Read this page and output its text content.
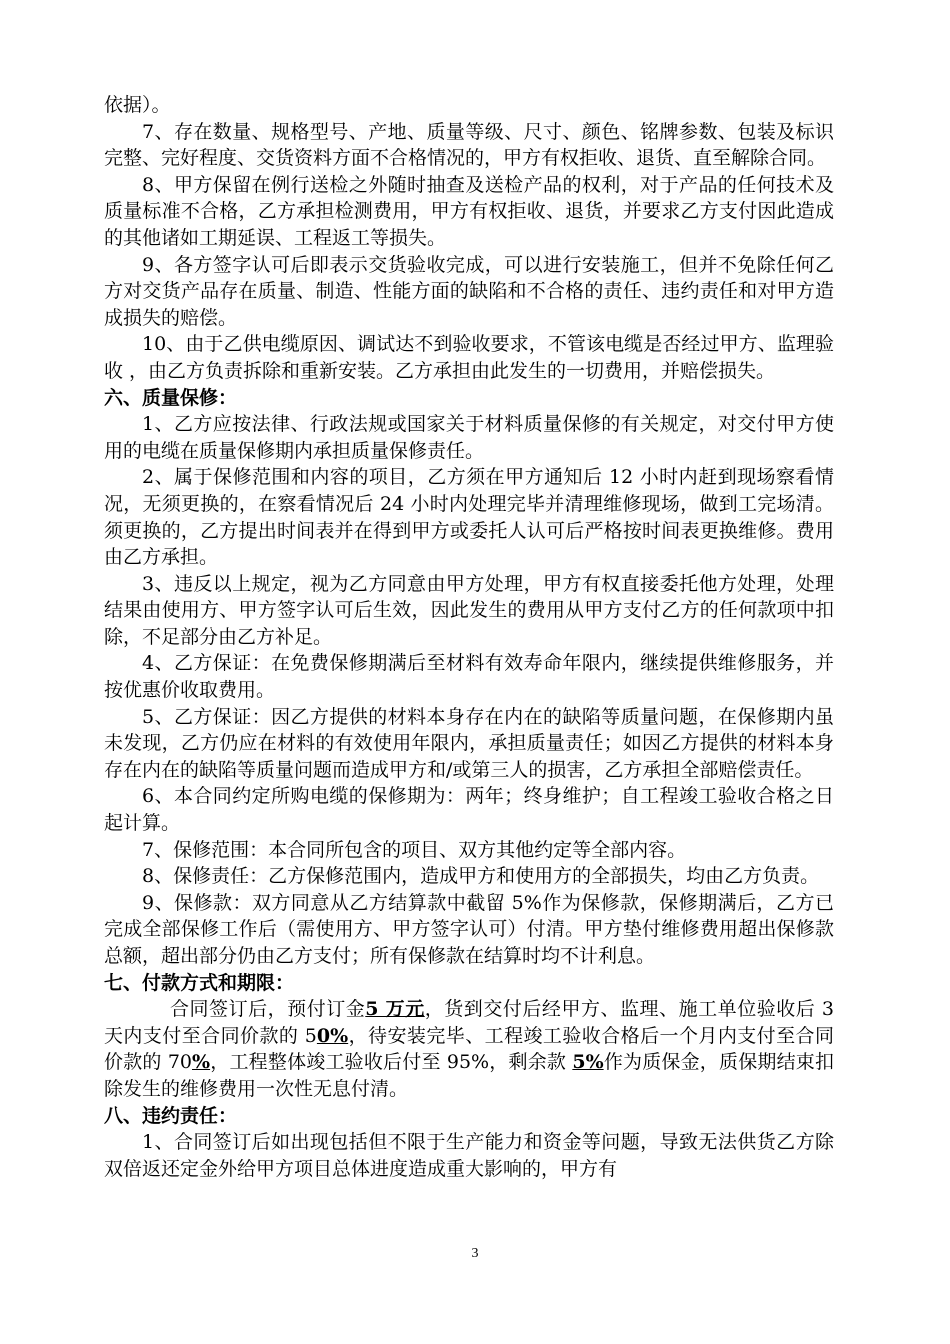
依据）。

7、存在数量、规格型号、产地、质量等级、尺寸、颜色、铭牌参数、包装及标识完整、完好程度、交货资料方面不合格情况的，甲方有权拒收、退货、直至解除合同。

8、甲方保留在例行送检之外随时抽查及送检产品的权利，对于产品的任何技术及质量标准不合格，乙方承担检测费用，甲方有权拒收、退货，并要求乙方支付因此造成的其他诸如工期延误、工程返工等损失。

9、各方签字认可后即表示交货验收完成，可以进行安装施工，但并不免除任何乙方对交货产品存在质量、制造、性能方面的缺陷和不合格的责任、违约责任和对甲方造成损失的赔偿。

10、由于乙供电缆原因、调试达不到验收要求，不管该电缆是否经过甲方、监理验收 ，由乙方负责拆除和重新安装。乙方承担由此发生的一切费用，并赔偿损失。

六、质量保修：

1、乙方应按法律、行政法规或国家关于材料质量保修的有关规定，对交付甲方使用的电缆在质量保修期内承担质量保修责任。

2、属于保修范围和内容的项目，乙方须在甲方通知后 12 小时内赶到现场察看情况，无须更换的，在察看情况后 24 小时内处理完毕并清理维修现场，做到工完场清。须更换的，乙方提出时间表并在得到甲方或委托人认可后严格按时间表更换维修。费用由乙方承担。

3、违反以上规定，视为乙方同意由甲方处理，甲方有权直接委托他方处理，处理结果由使用方、甲方签字认可后生效，因此发生的费用从甲方支付乙方的任何款项中扣除，不足部分由乙方补足。

4、乙方保证：在免费保修期满后至材料有效寿命年限内，继续提供维修服务，并按优惠价收取费用。

5、乙方保证：因乙方提供的材料本身存在内在的缺陷等质量问题，在保修期内虽未发现，乙方仍应在材料的有效使用年限内，承担质量责任；如因乙方提供的材料本身存在内在的缺陷等质量问题而造成甲方和/或第三人的损害，乙方承担全部赔偿责任。

6、本合同约定所购电缆的保修期为：两年；终身维护；自工程竣工验收合格之日起计算。

7、保修范围：本合同所包含的项目、双方其他约定等全部内容。

8、保修责任：乙方保修范围内，造成甲方和使用方的全部损失，均由乙方负责。

9、保修款：双方同意从乙方结算款中截留 5%作为保修款，保修期满后，乙方已完成全部保修工作后（需使用方、甲方签字认可）付清。甲方垫付维修费用超出保修款总额，超出部分仍由乙方支付；所有保修款在结算时均不计利息。

七、付款方式和期限：

合同签订后，预付订金5 万元，货到交付后经甲方、监理、施工单位验收后 3 天内支付至合同价款的 50%，待安装完毕、工程竣工验收合格后一个月内支付至合同价款的 70%，工程整体竣工验收后付至 95%，剩余款 5%作为质保金，质保期结束扣除发生的维修费用一次性无息付清。

八、违约责任：

1、合同签订后如出现包括但不限于生产能力和资金等问题，导致无法供货乙方除双倍返还定金外给甲方项目总体进度造成重大影响的，甲方有

3
